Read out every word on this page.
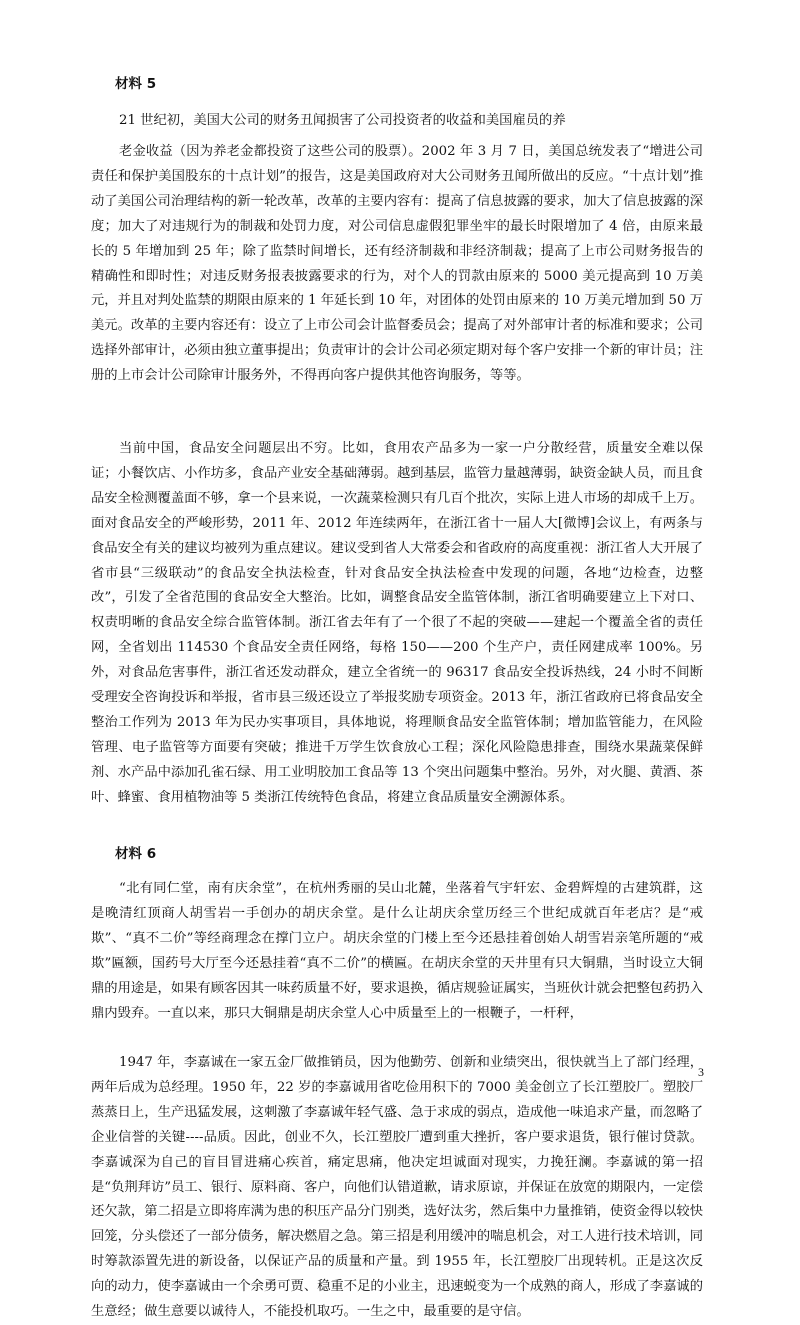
材料 5

21 世纪初，美国大公司的财务丑闻损害了公司投资者的收益和美国雇员的养

老金收益（因为养老金都投资了这些公司的股票）。2002 年 3 月 7 日，美国总统发表了“增进公司责任和保护美国股东的十点计划”的报告，这是美国政府对大公司财务丑闻所做出的反应。“十点计划”推动了美国公司治理结构的新一轮改革，改革的主要内容有：提高了信息披露的要求，加大了信息披露的深度；加大了对违规行为的制裁和处罚力度，对公司信息虚假犯罪坐牢的最长时限增加了 4 倍，由原来最长的 5 年增加到 25 年；除了监禁时间增长，还有经济制裁和非经济制裁；提高了上市公司财务报告的精确性和即时性；对违反财务报表披露要求的行为，对个人的罚款由原来的 5000 美元提高到 10 万美元，并且对判处监禁的期限由原来的 1 年延长到 10 年，对团体的处罚由原来的 10 万美元增加到 50 万美元。改革的主要内容还有：设立了上市公司会计监督委员会；提高了对外部审计者的标准和要求；公司选择外部审计，必须由独立董事提出；负责审计的会计公司必须定期对每个客户安排一个新的审计员；注册的上市会计公司除审计服务外，不得再向客户提供其他咨询服务，等等。

当前中国，食品安全问题层出不穷。比如，食用农产品多为一家一户分散经营，质量安全难以保证；小餐饮店、小作坊多，食品产业安全基础薄弱。越到基层，监管力量越薄弱，缺资金缺人员，而且食品安全检测覆盖面不够，拿一个县来说，一次蔬菜检测只有几百个批次，实际上进人市场的却成千上万。面对食品安全的严峻形势，2011 年、2012 年连续两年，在浙江省十一届人大[微博]会议上，有两条与食品安全有关的建议均被列为重点建议。建议受到省人大常委会和省政府的高度重视：浙江省人大开展了省市县“三级联动”的食品安全执法检查，针对食品安全执法检查中发现的问题，各地“边检查，边整改”，引发了全省范围的食品安全大整治。比如，调整食品安全监管体制，浙江省明确要建立上下对口、权责明晰的食品安全综合监管体制。浙江省去年有了一个很了不起的突破——建起一个覆盖全省的责任网，全省划出 114530 个食品安全责任网络，每格 150——200 个生产户，责任网建成率 100%。另外，对食品危害事件，浙江省还发动群众，建立全省统一的 96317 食品安全投诉热线，24 小时不间断受理安全咨询投诉和举报，省市县三级还设立了举报奖励专项资金。2013 年，浙江省政府已将食品安全整治工作列为 2013 年为民办实事项目，具体地说，将理顺食品安全监管体制；增加监管能力，在风险管理、电子监管等方面要有突破；推进千万学生饮食放心工程；深化风险隐患排查，围绕水果蔬菜保鲜剂、水产品中添加孔雀石绿、用工业明胶加工食品等 13 个突出问题集中整治。另外，对火腿、黄酒、茶叶、蜂蜜、食用植物油等 5 类浙江传统特色食品，将建立食品质量安全溯源体系。

材料 6

“北有同仁堂，南有庆余堂”，在杭州秀丽的吴山北麓，坐落着气宇轩宏、金碧辉煌的古建筑群，这是晚清红顶商人胡雪岩一手创办的胡庆余堂。是什么让胡庆余堂历经三个世纪成就百年老店？是“戒欺”、“真不二价”等经商理念在撑门立户。胡庆余堂的门楼上至今还悬挂着创始人胡雪岩亲笔所题的“戒欺”匾额，国药号大厅至今还悬挂着“真不二价”的横匾。在胡庆余堂的天井里有只大铜鼎，当时设立大铜鼎的用途是，如果有顾客因其一味药质量不好，要求退换，循店规验证属实，当班伙计就会把整包药扔入鼎内毁弃。一直以来，那只大铜鼎是胡庆余堂人心中质量至上的一根鞭子，一杆秤，

1947 年，李嘉诚在一家五金厂做推销员，因为他勤劳、创新和业绩突出，很快就当上了部门经理，两年后成为总经理。1950 年，22 岁的李嘉诚用省吃俭用积下的 7000 美金创立了长江塑胶厂。塑胶厂蒸蒸日上，生产迅猛发展，这刺激了李嘉诚年轻气盛、急于求成的弱点，造成他一味追求产量，而忽略了企业信誉的关键----品质。因此，创业不久，长江塑胶厂遭到重大挫折，客户要求退货，银行催讨贷款。李嘉诚深为自己的盲目冒进痛心疾首，痛定思痛，他决定坦诚面对现实，力挽狂澜。李嘉诚的第一招是“负荆拜访”员工、银行、原料商、客户，向他们认错道歉，请求原谅，并保证在放宽的期限内，一定偿还欠款，第二招是立即将库满为患的积压产品分门别类，选好汰劣，然后集中力量推销，使资金得以较快回笼，分头偿还了一部分债务，解决燃眉之急。第三招是利用缓冲的喘息机会，对工人进行技术培训，同时筹款添置先进的新设备，以保证产品的质量和产量。到 1955 年，长江塑胶厂出现转机。正是这次反向的动力，使李嘉诚由一个余勇可贾、稳重不足的小业主，迅速蜕变为一个成熟的商人，形成了李嘉诚的生意经；做生意要以诚待人，不能投机取巧。一生之中，最重要的是守信。

3
